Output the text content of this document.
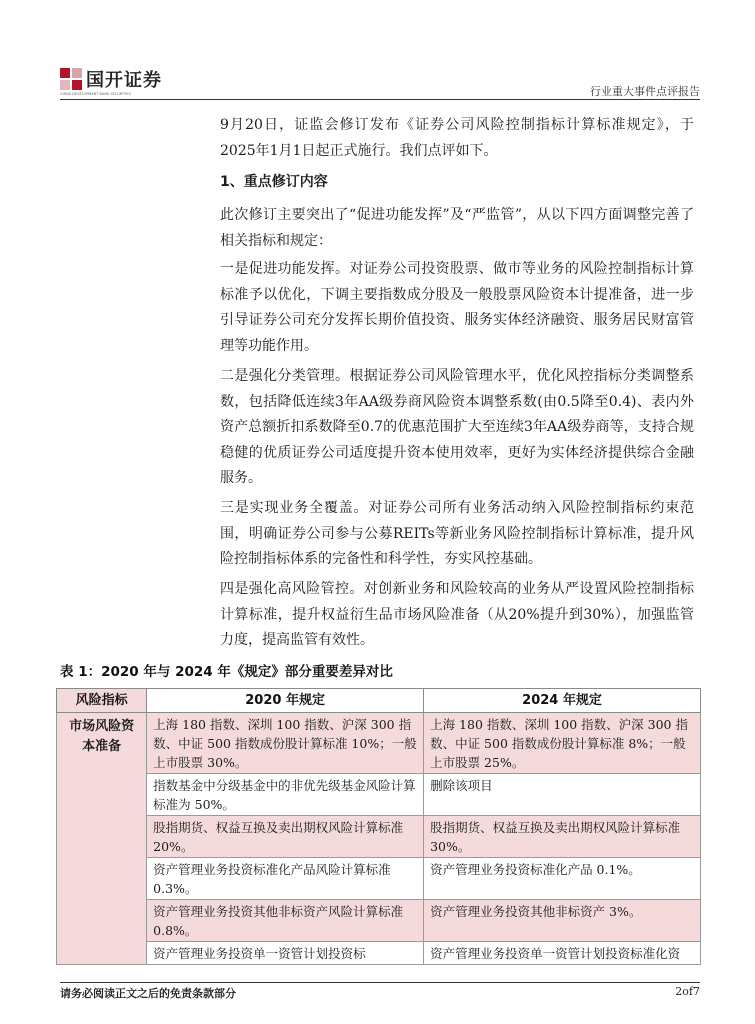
国开证券
CHINA DEVELOPMENT BANK SECURITIES	行业重大事件点评报告

9月20日，证监会修订发布《证券公司风险控制指标计算标准规定》，于2025年1月1日起正式施行。我们点评如下。

1、重点修订内容

此次修订主要突出了“促进功能发挥”及“严监管”，从以下四方面调整完善了相关指标和规定：

一是促进功能发挥。对证券公司投资股票、做市等业务的风险控制指标计算标准予以优化，下调主要指数成分股及一般股票风险资本计提准备，进一步引导证券公司充分发挥长期价值投资、服务实体经济融资、服务居民财富管理等功能作用。

二是强化分类管理。根据证券公司风险管理水平，优化风控指标分类调整系数，包括降低连续3年AA级券商风险资本调整系数(由0.5降至0.4)、表内外资产总额折扣系数降至0.7的优惠范围扩大至连续3年AA级券商等，支持合规稳健的优质证券公司适度提升资本使用效率，更好为实体经济提供综合金融服务。

三是实现业务全覆盖。对证券公司所有业务活动纳入风险控制指标约束范围，明确证券公司参与公募REITs等新业务风险控制指标计算标准，提升风险控制指标体系的完备性和科学性，夯实风控基础。

四是强化高风险管控。对创新业务和风险较高的业务从严设置风险控制指标计算标准，提升权益衍生品市场风险准备（从20%提升到30%），加强监管力度，提高监管有效性。

表 1：2020 年与 2024 年《规定》部分重要差异对比
风险指标	2020 年规定	2024 年规定
市场风险资本准备	上海 180 指数、深圳 100 指数、沪深 300 指数、中证 500 指数成份股计算标准 10%；一般上市股票 30%。	上海 180 指数、深圳 100 指数、沪深 300 指数、中证 500 指数成份股计算标准 8%；一般上市股票 25%。
	指数基金中分级基金中的非优先级基金风险计算标准为 50%。	删除该项目
	股指期货、权益互换及卖出期权风险计算标准 20%。	股指期货、权益互换及卖出期权风险计算标准 30%。
	资产管理业务投资标准化产品风险计算标准 0.3%。	资产管理业务投资标准化产品 0.1%。
	资产管理业务投资其他非标资产风险计算标准 0.8%。	资产管理业务投资其他非标资产 3%。
	资产管理业务投资单一资管计划投资标	资产管理业务投资单一资管计划投资标准化资
请务必阅读正文之后的免责条款部分	2of7
